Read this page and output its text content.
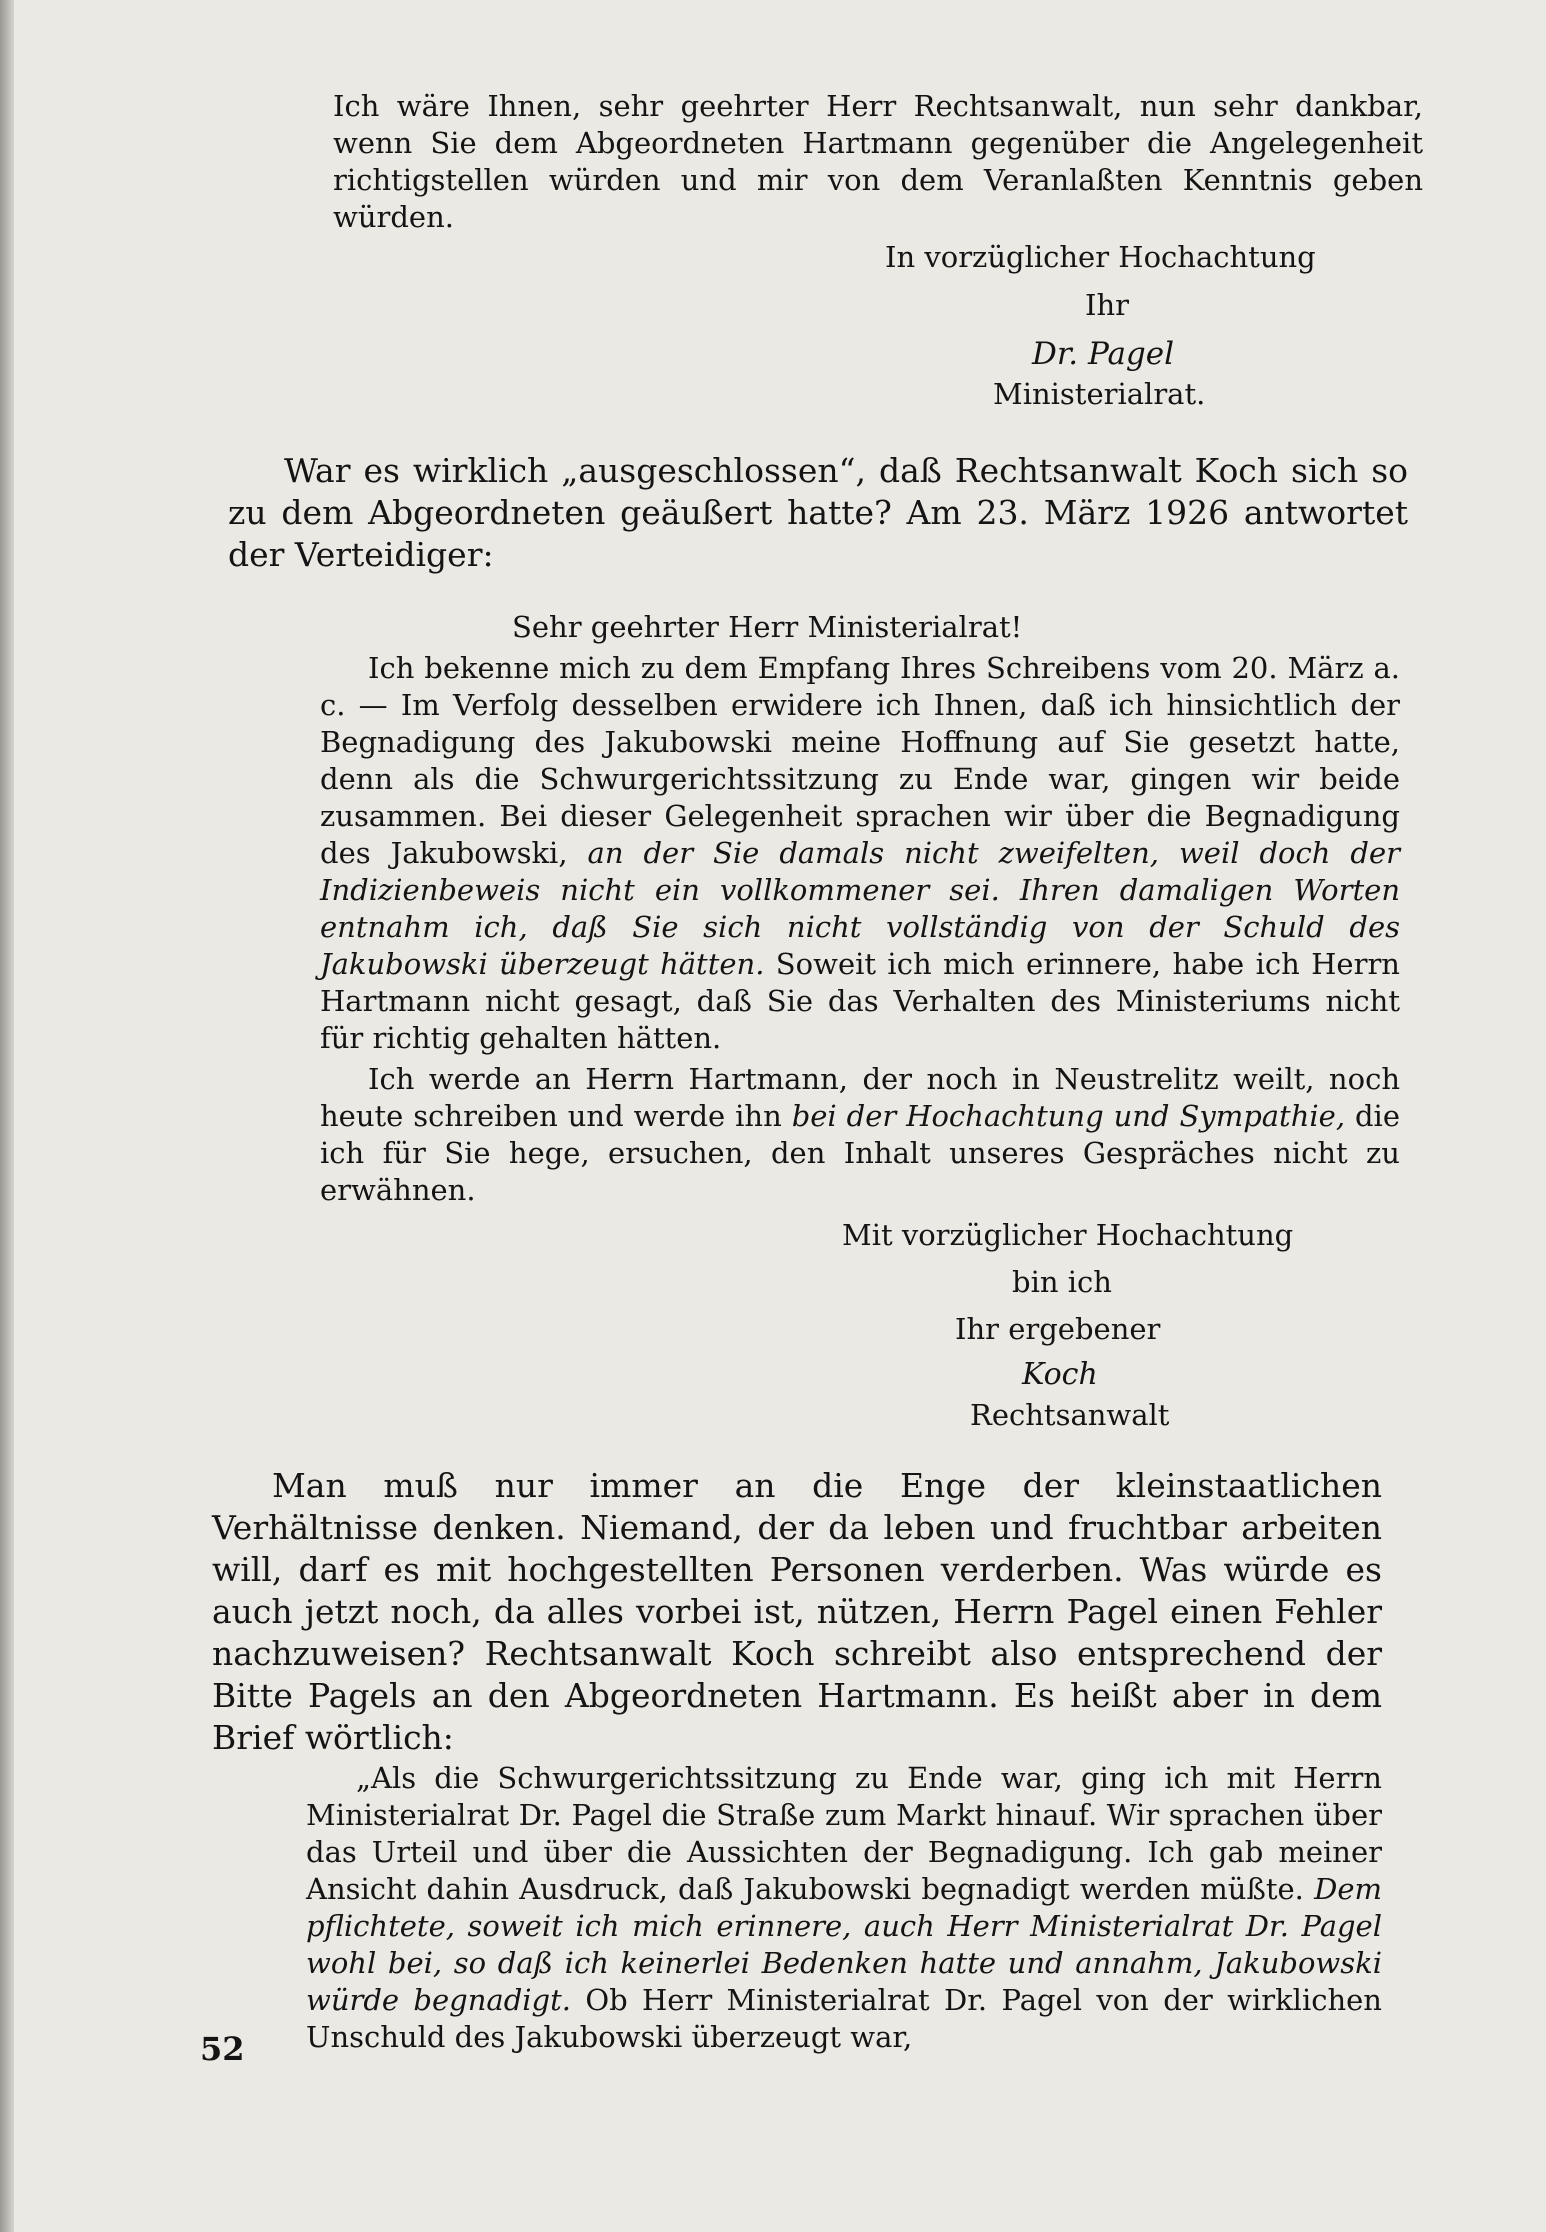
Ich wäre Ihnen, sehr geehrter Herr Rechtsanwalt, nun sehr dankbar, wenn Sie dem Abgeordneten Hartmann gegenüber die Angelegenheit richtigstellen würden und mir von dem Veranlaßten Kenntnis geben würden.

In vorzüglicher Hochachtung
Ihr
Dr. Pagel
Ministerialrat.

War es wirklich „ausgeschlossen“, daß Rechtsanwalt Koch sich so zu dem Abgeordneten geäußert hatte? Am 23. März 1926 antwortet der Verteidiger:

Sehr geehrter Herr Ministerialrat!

Ich bekenne mich zu dem Empfang Ihres Schreibens vom 20. März a. c. — Im Verfolg desselben erwidere ich Ihnen, daß ich hinsichtlich der Begnadigung des Jakubowski meine Hoffnung auf Sie gesetzt hatte, denn als die Schwurgerichtssitzung zu Ende war, gingen wir beide zusammen. Bei dieser Gelegenheit sprachen wir über die Begnadigung des Jakubowski, an der Sie damals nicht zweifelten, weil doch der Indizienbeweis nicht ein vollkommener sei. Ihren damaligen Worten entnahm ich, daß Sie sich nicht vollständig von der Schuld des Jakubowski überzeugt hätten. Soweit ich mich erinnere, habe ich Herrn Hartmann nicht gesagt, daß Sie das Verhalten des Ministeriums nicht für richtig gehalten hätten.

Ich werde an Herrn Hartmann, der noch in Neustrelitz weilt, noch heute schreiben und werde ihn bei der Hochachtung und Sympathie, die ich für Sie hege, ersuchen, den Inhalt unseres Gespräches nicht zu erwähnen.

Mit vorzüglicher Hochachtung
bin ich
Ihr ergebener
Koch
Rechtsanwalt

Man muß nur immer an die Enge der kleinstaatlichen Verhältnisse denken. Niemand, der da leben und fruchtbar arbeiten will, darf es mit hochgestellten Personen verderben. Was würde es auch jetzt noch, da alles vorbei ist, nützen, Herrn Pagel einen Fehler nachzuweisen? Rechtsanwalt Koch schreibt also entsprechend der Bitte Pagels an den Abgeordneten Hartmann. Es heißt aber in dem Brief wörtlich:

„Als die Schwurgerichtssitzung zu Ende war, ging ich mit Herrn Ministerialrat Dr. Pagel die Straße zum Markt hinauf. Wir sprachen über das Urteil und über die Aussichten der Begnadigung. Ich gab meiner Ansicht dahin Ausdruck, daß Jakubowski begnadigt werden müßte. Dem pflichtete, soweit ich mich erinnere, auch Herr Ministerialrat Dr. Pagel wohl bei, so daß ich keinerlei Bedenken hatte und annahm, Jakubowski würde begnadigt. Ob Herr Ministerialrat Dr. Pagel von der wirklichen Unschuld des Jakubowski überzeugt war,

52
